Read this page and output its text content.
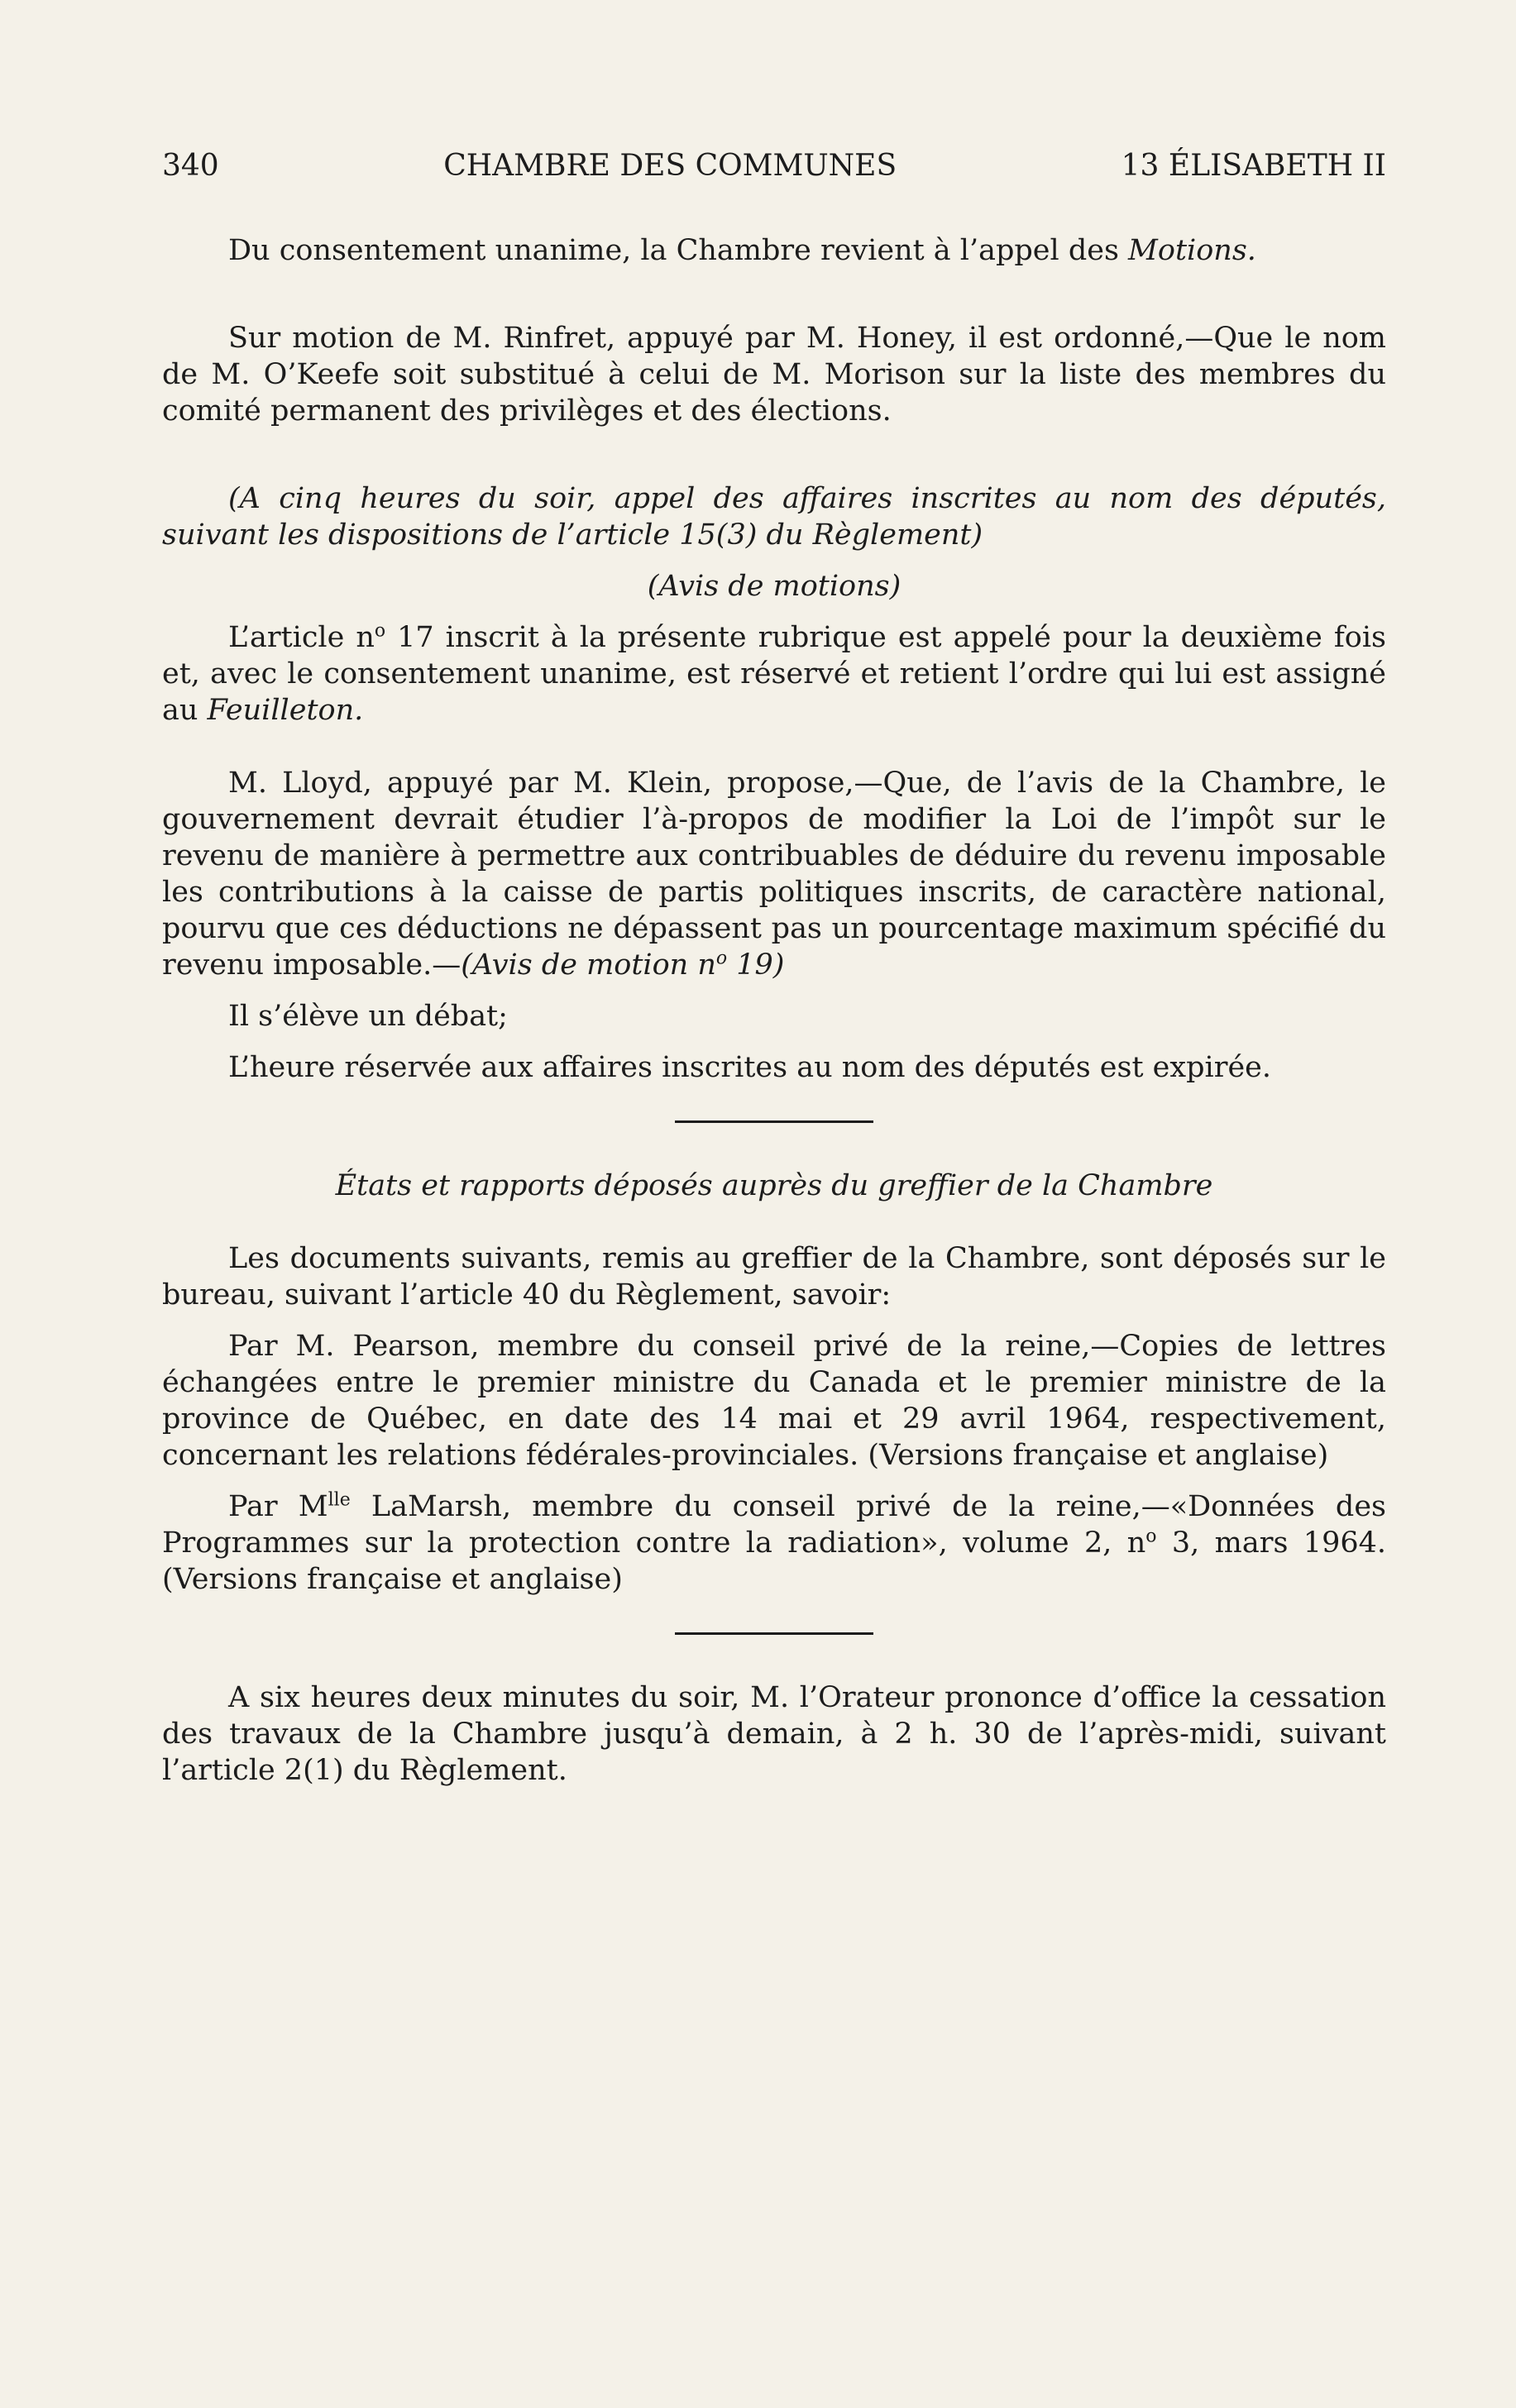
340	CHAMBRE DES COMMUNES	13 ÉLISABETH II

Du consentement unanime, la Chambre revient à l’appel des Motions.

Sur motion de M. Rinfret, appuyé par M. Honey, il est ordonné,—Que le nom de M. O’Keefe soit substitué à celui de M. Morison sur la liste des membres du comité permanent des privilèges et des élections.

(A cinq heures du soir, appel des affaires inscrites au nom des députés, suivant les dispositions de l’article 15(3) du Règlement)

(Avis de motions)

L’article $n^o$ 17 inscrit à la présente rubrique est appelé pour la deuxième fois et, avec le consentement unanime, est réservé et retient l’ordre qui lui est assigné au Feuilleton.

M. Lloyd, appuyé par M. Klein, propose,—Que, de l’avis de la Chambre, le gouvernement devrait étudier l’à-propos de modifier la Loi de l’impôt sur le revenu de manière à permettre aux contribuables de déduire du revenu imposable les contributions à la caisse de partis politiques inscrits, de caractère national, pourvu que ces déductions ne dépassent pas un pourcentage maximum spécifié du revenu imposable.—(Avis de motion $n^o$ 19)

Il s’élève un débat;

L’heure réservée aux affaires inscrites au nom des députés est expirée.

États et rapports déposés auprès du greffier de la Chambre

Les documents suivants, remis au greffier de la Chambre, sont déposés sur le bureau, suivant l’article 40 du Règlement, savoir:

Par M. Pearson, membre du conseil privé de la reine,—Copies de lettres échangées entre le premier ministre du Canada et le premier ministre de la province de Québec, en date des 14 mai et 29 avril 1964, respectivement, concernant les relations fédérales-provinciales. (Versions française et anglaise)

Par $M^{lle}$ LaMarsh, membre du conseil privé de la reine,—«Données des Programmes sur la protection contre la radiation», volume 2, $n^o$ 3, mars 1964. (Versions française et anglaise)

A six heures deux minutes du soir, M. l’Orateur prononce d’office la cessation des travaux de la Chambre jusqu’à demain, à 2 h. 30 de l’après-midi, suivant l’article 2(1) du Règlement.
